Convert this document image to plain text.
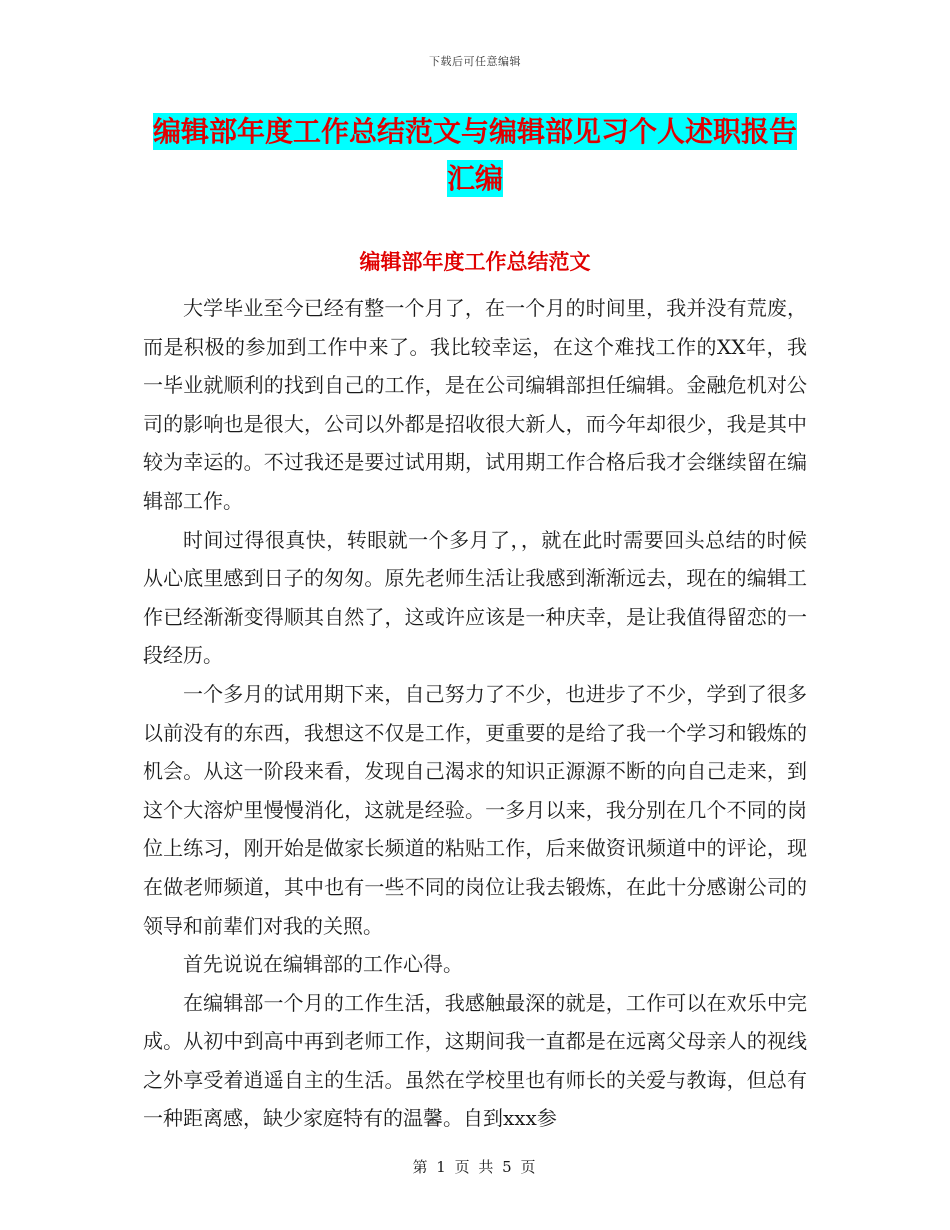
下载后可任意编辑
编辑部年度工作总结范文与编辑部见习个人述职报告
汇编
编辑部年度工作总结范文

大学毕业至今已经有整一个月了，在一个月的时间里，我并没有荒废，而是积极的参加到工作中来了。我比较幸运，在这个难找工作的XX年，我一毕业就顺利的找到自己的工作，是在公司编辑部担任编辑。金融危机对公司的影响也是很大，公司以外都是招收很大新人，而今年却很少，我是其中较为幸运的。不过我还是要过试用期，试用期工作合格后我才会继续留在编辑部工作。

时间过得很真快，转眼就一个多月了，，就在此时需要回头总结的时候从心底里感到日子的匆匆。原先老师生活让我感到渐渐远去，现在的编辑工作已经渐渐变得顺其自然了，这或许应该是一种庆幸，是让我值得留恋的一段经历。

一个多月的试用期下来，自己努力了不少，也进步了不少，学到了很多以前没有的东西，我想这不仅是工作，更重要的是给了我一个学习和锻炼的机会。从这一阶段来看，发现自己渴求的知识正源源不断的向自己走来，到这个大溶炉里慢慢消化，这就是经验。一多月以来，我分别在几个不同的岗位上练习，刚开始是做家长频道的粘贴工作，后来做资讯频道中的评论，现在做老师频道，其中也有一些不同的岗位让我去锻炼，在此十分感谢公司的领导和前辈们对我的关照。

首先说说在编辑部的工作心得。

在编辑部一个月的工作生活，我感触最深的就是，工作可以在欢乐中完成。从初中到高中再到老师工作，这期间我一直都是在远离父母亲人的视线之外享受着逍遥自主的生活。虽然在学校里也有师长的关爱与教诲，但总有一种距离感，缺少家庭特有的温馨。自到xxx参

第 1 页 共 5 页
